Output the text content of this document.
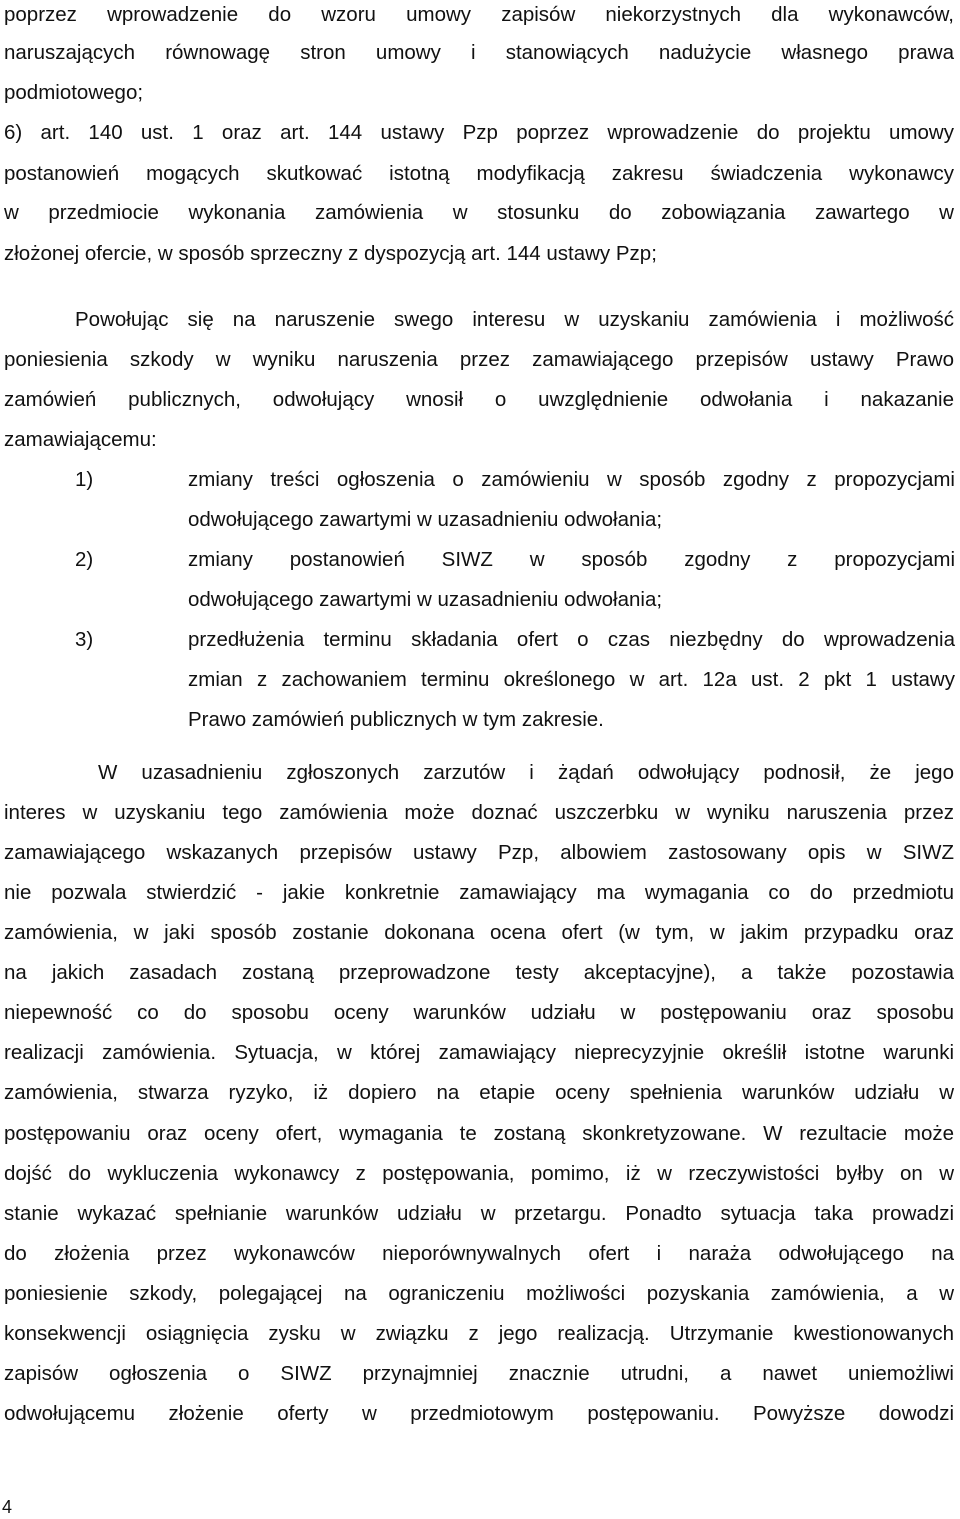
poprzez wprowadzenie do wzoru umowy zapisów niekorzystnych dla wykonawców,
naruszających równowagę stron umowy i stanowiących nadużycie własnego prawa
podmiotowego;
6) art. 140 ust. 1 oraz art. 144 ustawy Pzp poprzez wprowadzenie do projektu umowy
postanowień mogących skutkować istotną modyfikacją zakresu świadczenia wykonawcy
w przedmiocie wykonania zamówienia w stosunku do zobowiązania zawartego w
złożonej ofercie, w sposób sprzeczny z dyspozycją art. 144 ustawy Pzp;
Powołując się na naruszenie swego interesu w uzyskaniu zamówienia i możliwość
poniesienia szkody w wyniku naruszenia przez zamawiającego przepisów ustawy Prawo
zamówień publicznych, odwołujący wnosił o uwzględnienie odwołania i nakazanie
zamawiającemu:
1)	zmiany treści ogłoszenia o zamówieniu w sposób zgodny z propozycjami
odwołującego zawartymi w uzasadnieniu odwołania;
2)	zmiany postanowień SIWZ w sposób zgodny z propozycjami
odwołującego zawartymi w uzasadnieniu odwołania;
3)	przedłużenia terminu składania ofert o czas niezbędny do wprowadzenia
zmian z zachowaniem terminu określonego w art. 12a ust. 2 pkt 1 ustawy
Prawo zamówień publicznych w tym zakresie.
W uzasadnieniu zgłoszonych zarzutów i żądań odwołujący podnosił, że jego
interes w uzyskaniu tego zamówienia może doznać uszczerbku w wyniku naruszenia przez
zamawiającego wskazanych przepisów ustawy Pzp, albowiem zastosowany opis w SIWZ
nie pozwala stwierdzić - jakie konkretnie zamawiający ma wymagania co do przedmiotu
zamówienia, w jaki sposób zostanie dokonana ocena ofert (w tym, w jakim przypadku oraz
na jakich zasadach zostaną przeprowadzone testy akceptacyjne), a także pozostawia
niepewność co do sposobu oceny warunków udziału w postępowaniu oraz sposobu
realizacji zamówienia. Sytuacja, w której zamawiający nieprecyzyjnie określił istotne warunki
zamówienia, stwarza ryzyko, iż dopiero na etapie oceny spełnienia warunków udziału w
postępowaniu oraz oceny ofert, wymagania te zostaną skonkretyzowane. W rezultacie może
dojść do wykluczenia wykonawcy z postępowania, pomimo, iż w rzeczywistości byłby on w
stanie wykazać spełnianie warunków udziału w przetargu. Ponadto sytuacja taka prowadzi
do złożenia przez wykonawców nieporównywalnych ofert i naraża odwołującego na
poniesienie szkody, polegającej na ograniczeniu możliwości pozyskania zamówienia, a w
konsekwencji osiągnięcia zysku w związku z jego realizacją. Utrzymanie kwestionowanych
zapisów ogłoszenia o SIWZ przynajmniej znacznie utrudni, a nawet uniemożliwi
odwołującemu złożenie oferty w przedmiotowym postępowaniu. Powyższe dowodzi
4
